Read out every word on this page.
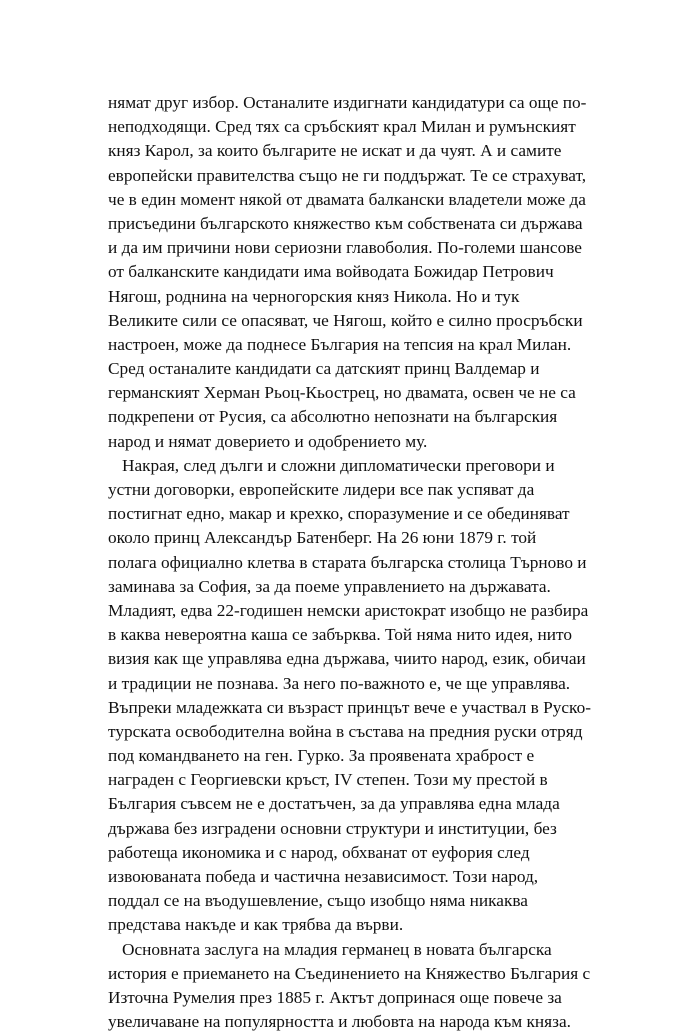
нямат друг избор. Останалите издигнати кандидатури са още по-
неподходящи. Сред тях са сръбският крал Милан и румънският
княз Карол, за които българите не искат и да чуят. А и самите
европейски правителства също не ги поддържат. Те се страхуват,
че в един момент някой от двамата балкански владетели може да
присъедини българското княжество към собствената си държава
и да им причини нови сериозни главоболия. По-големи шансове
от балканските кандидати има войводата Божидар Петрович
Нягош, роднина на черногорския княз Никола. Но и тук
Великите сили се опасяват, че Нягош, който е силно просръбски
настроен, може да поднесе България на тепсия на крал Милан.
Сред останалите кандидати са датският принц Валдемар и
германският Херман Рьоц-Кьострец, но двамата, освен че не са
подкрепени от Русия, са абсолютно непознати на българския
народ и нямат доверието и одобрението му.
Накрая, след дълги и сложни дипломатически преговори и
устни договорки, европейските лидери все пак успяват да
постигнат едно, макар и крехко, споразумение и се обединяват
около принц Александър Батенберг. На 26 юни 1879 г. той
полага официално клетва в старата българска столица Търново и
заминава за София, за да поеме управлението на държавата.
Младият, едва 22-годишен немски аристократ изобщо не разбира
в каква невероятна каша се забърква. Той няма нито идея, нито
визия как ще управлява една държава, чиито народ, език, обичаи
и традиции не познава. За него по-важното е, че ще управлява.
Въпреки младежката си възраст принцът вече е участвал в Руско-
турската освободителна война в състава на предния руски отряд
под командването на ген. Гурко. За проявената храброст е
награден с Георгиевски кръст, IV степен. Този му престой в
България съвсем не е достатъчен, за да управлява една млада
държава без изградени основни структури и институции, без
работеща икономика и с народ, обхванат от еуфория след
извоюваната победа и частична независимост. Този народ,
поддал се на въодушевление, също изобщо няма никаква
представа накъде и как трябва да върви.
Основната заслуга на младия германец в новата българска
история е приемането на Съединението на Княжество България с
Източна Румелия през 1885 г. Актът допринася още повече за
увеличаване на популярността и любовта на народа към княза.
